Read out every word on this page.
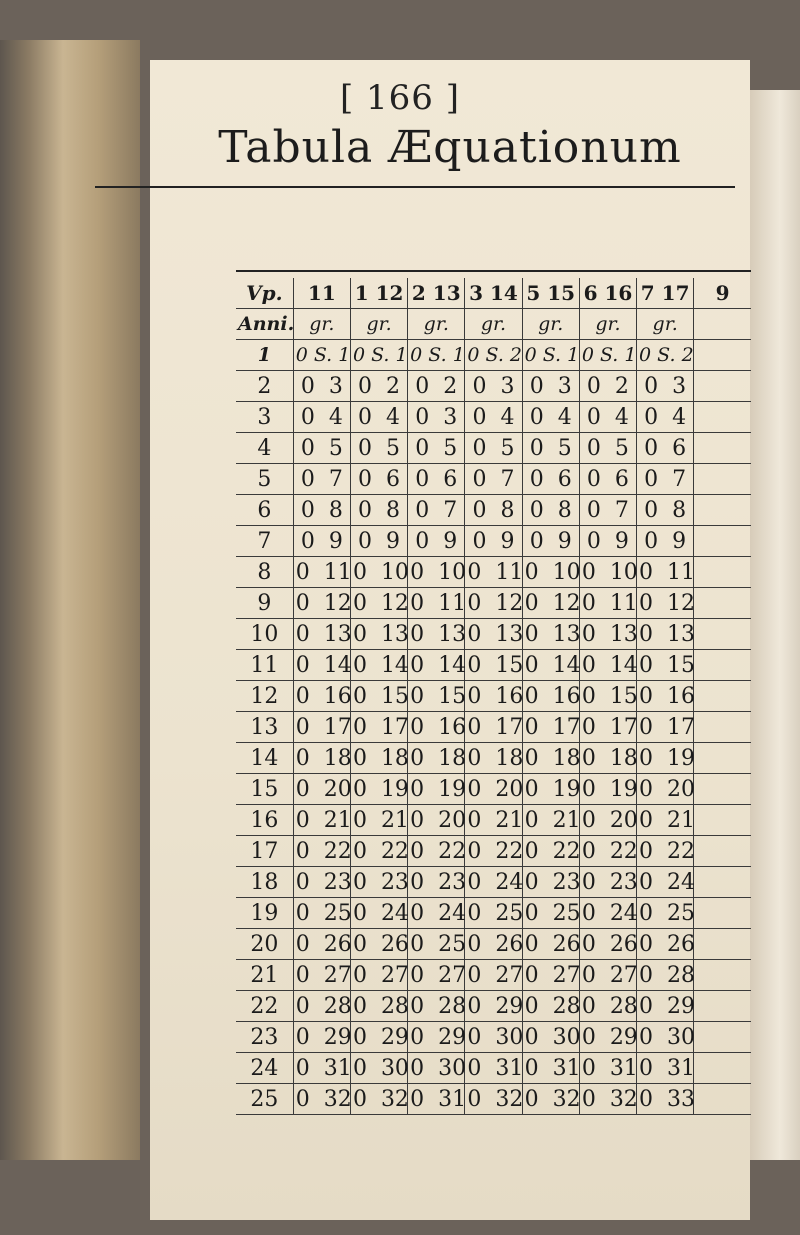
[ 166 ]
Tabula Æquationum
Vp.	11	1 12	2 13	3 14	5 15	6 16	7 17	9
Anni.	gr.	gr.	gr.	gr.	gr.	gr.	gr.	
1	0 S. 1	0 S. 1	0 S. 1	0 S. 2	0 S. 1	0 S. 1	0 S. 2	
2	0 3	0 2	0 2	0 3	0 3	0 2	0 3	
3	0 4	0 4	0 3	0 4	0 4	0 4	0 4	
4	0 5	0 5	0 5	0 5	0 5	0 5	0 6	
5	0 7	0 6	0 6	0 7	0 6	0 6	0 7	
6	0 8	0 8	0 7	0 8	0 8	0 7	0 8	
7	0 9	0 9	0 9	0 9	0 9	0 9	0 9	
8	0 11	0 10	0 10	0 11	0 10	0 10	0 11	
9	0 12	0 12	0 11	0 12	0 12	0 11	0 12	
10	0 13	0 13	0 13	0 13	0 13	0 13	0 13	
11	0 14	0 14	0 14	0 15	0 14	0 14	0 15	
12	0 16	0 15	0 15	0 16	0 16	0 15	0 16	
13	0 17	0 17	0 16	0 17	0 17	0 17	0 17	
14	0 18	0 18	0 18	0 18	0 18	0 18	0 19	
15	0 20	0 19	0 19	0 20	0 19	0 19	0 20	
16	0 21	0 21	0 20	0 21	0 21	0 20	0 21	
17	0 22	0 22	0 22	0 22	0 22	0 22	0 22	
18	0 23	0 23	0 23	0 24	0 23	0 23	0 24	
19	0 25	0 24	0 24	0 25	0 25	0 24	0 25	
20	0 26	0 26	0 25	0 26	0 26	0 26	0 26	
21	0 27	0 27	0 27	0 27	0 27	0 27	0 28	
22	0 28	0 28	0 28	0 29	0 28	0 28	0 29	
23	0 29	0 29	0 29	0 30	0 30	0 29	0 30	
24	0 31	0 30	0 30	0 31	0 31	0 31	0 31	
25	0 32	0 32	0 31	0 32	0 32	0 32	0 33	
